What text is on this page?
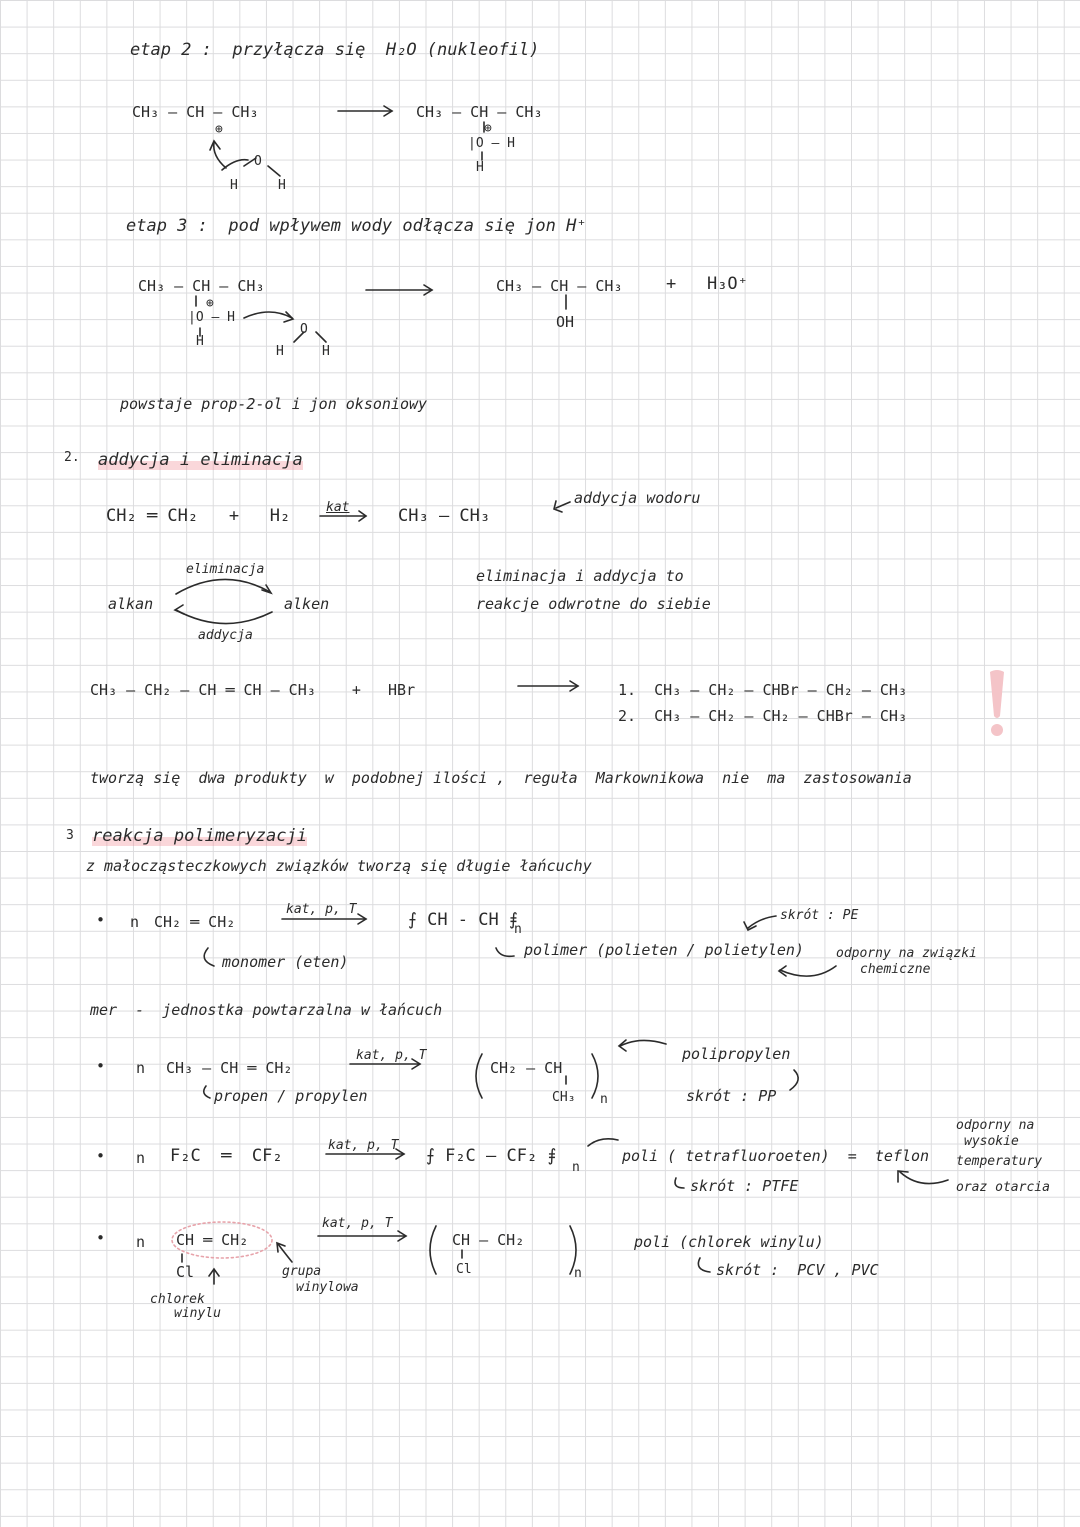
etap 2 :  przyłącza się  H₂O (nukleofil)
CH₃ — CH — CH₃
⊕
O
H	H
CH₃ — CH — CH₃
⊕
|O — H
H
etap 3 :  pod wpływem wody odłącza się jon H⁺
CH₃ — CH — CH₃
⊕
|O — H
H
O
H	H
CH₃ — CH — CH₃
OH
+   H₃O⁺
powstaje prop-2-ol i jon oksoniowy
2. addycja i eliminacja
CH₂ ═ CH₂   +   H₂	kat	CH₃ — CH₃
addycja wodoru
alkan	alken
eliminacja
addycja
eliminacja i addycja to
reakcje odwrotne do siebie
CH₃ — CH₂ — CH ═ CH — CH₃    +   HBr	1.  CH₃ — CH₂ — CHBr — CH₂ — CH₃
2.  CH₃ — CH₂ — CH₂ — CHBr — CH₃
tworzą się  dwa produkty  w  podobnej ilości ,  reguła  Markownikowa  nie  ma  zastosowania
3 reakcja polimeryzacji
z małocząsteczkowych związków tworzą się długie łańcuchy
• n CH₂ ═ CH₂
kat, p, T
monomer (eten)
⨍ CH - CH ⨎
n
polimer (polieten / polietylen)
skrót : PE
odporny na związki
chemiczne
mer  -  jednostka powtarzalna w łańcuch
• n CH₃ — CH ═ CH₂
kat, p, T
propen / propylen
CH₂ — CH
CH₃ n
polipropylen
skrót : PP
• n F₂C  ═  CF₂
kat, p, T
⨍ F₂C — CF₂ ⨎
n
poli ( tetrafluoroeten)  =  teflon
skrót : PTFE
odporny na
wysokie
temperatury
oraz otarcia
• n CH ═ CH₂
Cl
chlorek
winylu
grupa
winylowa
kat, p, T
CH — CH₂
Cl	n
poli (chlorek winylu)
skrót :  PCV , PVC
